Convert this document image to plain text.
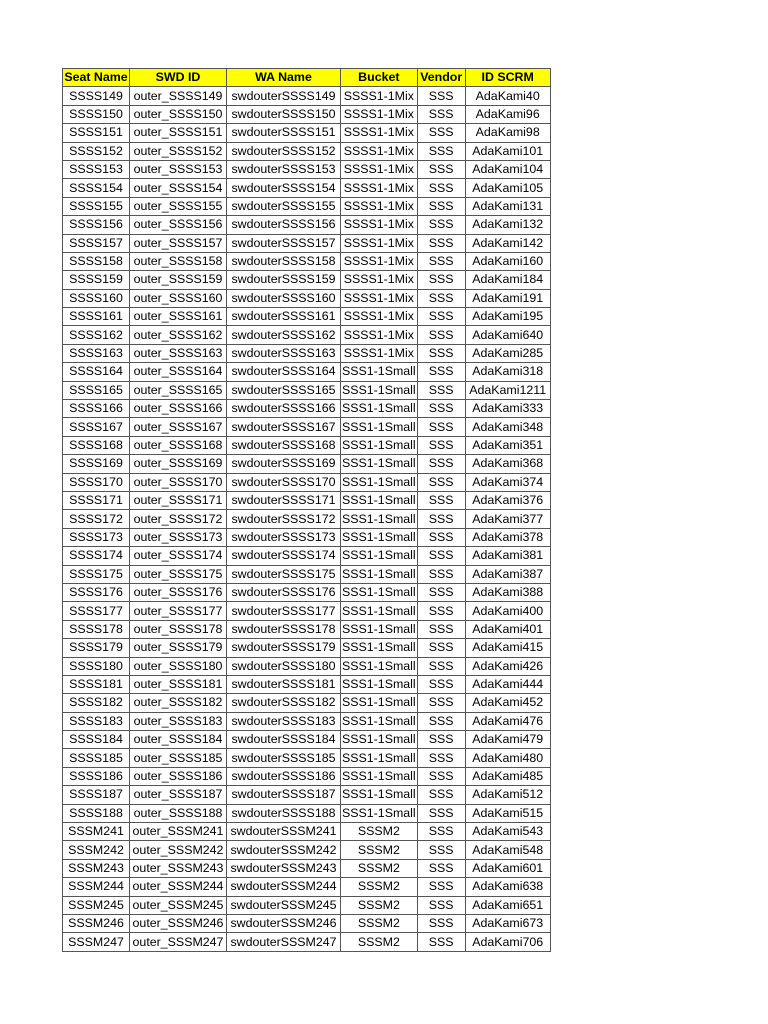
Seat Name	SWD ID	WA Name	Bucket	Vendor	ID SCRM
SSSS149	outer_SSSS149	swdouterSSSS149	SSSS1-1Mix	SSS	AdaKami40
SSSS150	outer_SSSS150	swdouterSSSS150	SSSS1-1Mix	SSS	AdaKami96
SSSS151	outer_SSSS151	swdouterSSSS151	SSSS1-1Mix	SSS	AdaKami98
SSSS152	outer_SSSS152	swdouterSSSS152	SSSS1-1Mix	SSS	AdaKami101
SSSS153	outer_SSSS153	swdouterSSSS153	SSSS1-1Mix	SSS	AdaKami104
SSSS154	outer_SSSS154	swdouterSSSS154	SSSS1-1Mix	SSS	AdaKami105
SSSS155	outer_SSSS155	swdouterSSSS155	SSSS1-1Mix	SSS	AdaKami131
SSSS156	outer_SSSS156	swdouterSSSS156	SSSS1-1Mix	SSS	AdaKami132
SSSS157	outer_SSSS157	swdouterSSSS157	SSSS1-1Mix	SSS	AdaKami142
SSSS158	outer_SSSS158	swdouterSSSS158	SSSS1-1Mix	SSS	AdaKami160
SSSS159	outer_SSSS159	swdouterSSSS159	SSSS1-1Mix	SSS	AdaKami184
SSSS160	outer_SSSS160	swdouterSSSS160	SSSS1-1Mix	SSS	AdaKami191
SSSS161	outer_SSSS161	swdouterSSSS161	SSSS1-1Mix	SSS	AdaKami195
SSSS162	outer_SSSS162	swdouterSSSS162	SSSS1-1Mix	SSS	AdaKami640
SSSS163	outer_SSSS163	swdouterSSSS163	SSSS1-1Mix	SSS	AdaKami285
SSSS164	outer_SSSS164	swdouterSSSS164	SSS1-1Small	SSS	AdaKami318
SSSS165	outer_SSSS165	swdouterSSSS165	SSS1-1Small	SSS	AdaKami1211
SSSS166	outer_SSSS166	swdouterSSSS166	SSS1-1Small	SSS	AdaKami333
SSSS167	outer_SSSS167	swdouterSSSS167	SSS1-1Small	SSS	AdaKami348
SSSS168	outer_SSSS168	swdouterSSSS168	SSS1-1Small	SSS	AdaKami351
SSSS169	outer_SSSS169	swdouterSSSS169	SSS1-1Small	SSS	AdaKami368
SSSS170	outer_SSSS170	swdouterSSSS170	SSS1-1Small	SSS	AdaKami374
SSSS171	outer_SSSS171	swdouterSSSS171	SSS1-1Small	SSS	AdaKami376
SSSS172	outer_SSSS172	swdouterSSSS172	SSS1-1Small	SSS	AdaKami377
SSSS173	outer_SSSS173	swdouterSSSS173	SSS1-1Small	SSS	AdaKami378
SSSS174	outer_SSSS174	swdouterSSSS174	SSS1-1Small	SSS	AdaKami381
SSSS175	outer_SSSS175	swdouterSSSS175	SSS1-1Small	SSS	AdaKami387
SSSS176	outer_SSSS176	swdouterSSSS176	SSS1-1Small	SSS	AdaKami388
SSSS177	outer_SSSS177	swdouterSSSS177	SSS1-1Small	SSS	AdaKami400
SSSS178	outer_SSSS178	swdouterSSSS178	SSS1-1Small	SSS	AdaKami401
SSSS179	outer_SSSS179	swdouterSSSS179	SSS1-1Small	SSS	AdaKami415
SSSS180	outer_SSSS180	swdouterSSSS180	SSS1-1Small	SSS	AdaKami426
SSSS181	outer_SSSS181	swdouterSSSS181	SSS1-1Small	SSS	AdaKami444
SSSS182	outer_SSSS182	swdouterSSSS182	SSS1-1Small	SSS	AdaKami452
SSSS183	outer_SSSS183	swdouterSSSS183	SSS1-1Small	SSS	AdaKami476
SSSS184	outer_SSSS184	swdouterSSSS184	SSS1-1Small	SSS	AdaKami479
SSSS185	outer_SSSS185	swdouterSSSS185	SSS1-1Small	SSS	AdaKami480
SSSS186	outer_SSSS186	swdouterSSSS186	SSS1-1Small	SSS	AdaKami485
SSSS187	outer_SSSS187	swdouterSSSS187	SSS1-1Small	SSS	AdaKami512
SSSS188	outer_SSSS188	swdouterSSSS188	SSS1-1Small	SSS	AdaKami515
SSSM241	outer_SSSM241	swdouterSSSM241	SSSM2	SSS	AdaKami543
SSSM242	outer_SSSM242	swdouterSSSM242	SSSM2	SSS	AdaKami548
SSSM243	outer_SSSM243	swdouterSSSM243	SSSM2	SSS	AdaKami601
SSSM244	outer_SSSM244	swdouterSSSM244	SSSM2	SSS	AdaKami638
SSSM245	outer_SSSM245	swdouterSSSM245	SSSM2	SSS	AdaKami651
SSSM246	outer_SSSM246	swdouterSSSM246	SSSM2	SSS	AdaKami673
SSSM247	outer_SSSM247	swdouterSSSM247	SSSM2	SSS	AdaKami706
